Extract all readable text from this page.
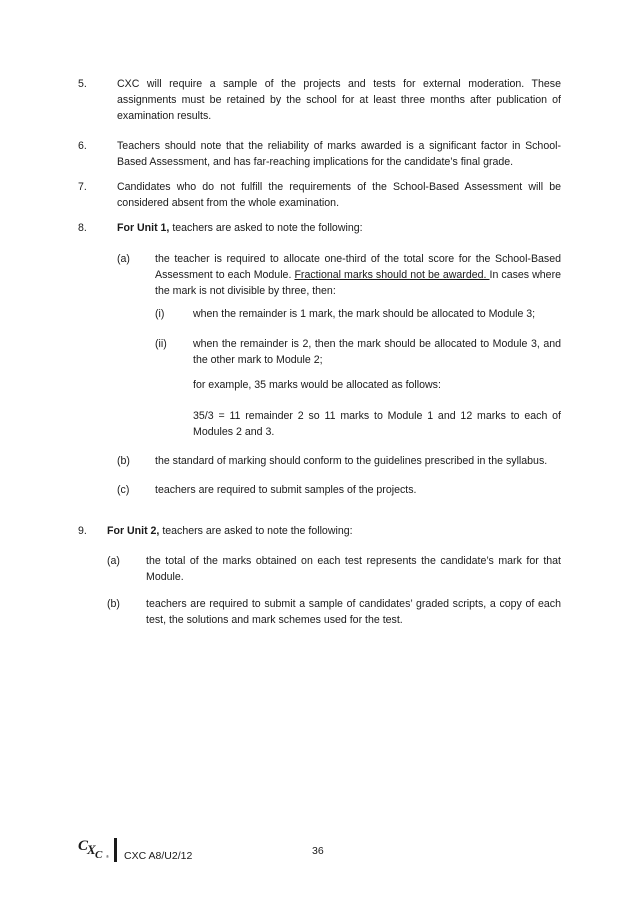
5.	CXC will require a sample of the projects and tests for external moderation. These assignments must be retained by the school for at least three months after publication of examination results.
6.	Teachers should note that the reliability of marks awarded is a significant factor in School-Based Assessment, and has far-reaching implications for the candidate’s final grade.
7.	Candidates who do not fulfill the requirements of the School-Based Assessment will be considered absent from the whole examination.
8.	For Unit 1, teachers are asked to note the following:
(a) the teacher is required to allocate one-third of the total score for the School-Based Assessment to each Module. Fractional marks should not be awarded. In cases where the mark is not divisible by three, then:
(i)	when the remainder is 1 mark, the mark should be allocated to Module 3;
(ii) when the remainder is 2, then the mark should be allocated to Module 3, and the other mark to Module 2;
for example, 35 marks would be allocated as follows:
35/3 = 11 remainder 2 so 11 marks to Module 1 and 12 marks to each of Modules 2 and 3.
(b) the standard of marking should conform to the guidelines prescribed in the syllabus.
(c) teachers are required to submit samples of the projects.
9. For Unit 2, teachers are asked to note the following:
(a) the total of the marks obtained on each test represents the candidate’s mark for that Module.
(b) teachers are required to submit a sample of candidates’ graded scripts, a copy of each test, the solutions and mark schemes used for the test.
C
X C ® CXC A8/U2/12	36
